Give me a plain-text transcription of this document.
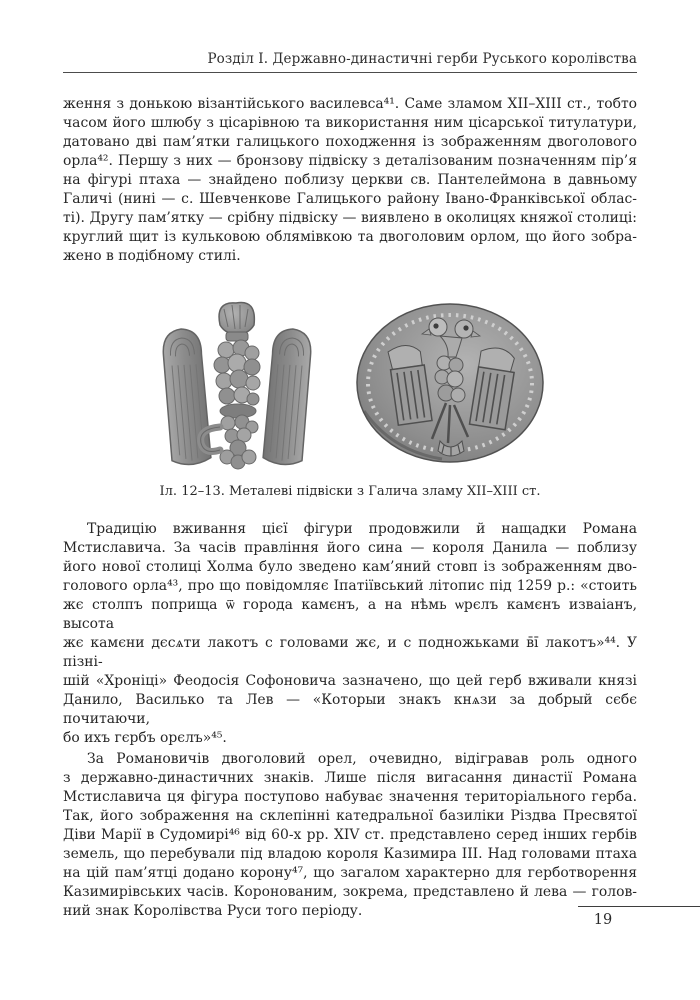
Розділ І. Державно-династичні герби Руського королівства
ження з донькою візантійського василевса⁴¹. Саме зламом XII–XIII ст., тобто
часом його шлюбу з цісарівною та використання ним цісарської титулатури,
датовано дві пам’ятки галицького походження із зображенням двоголового
орла⁴². Першу з них — бронзову підвіску з деталізованим позначенням пір’я
на фігурі птаха — знайдено поблизу церкви св. Пантелеймона в давньому
Галичі (нині — с. Шевченкове Галицького району Івано-Франківської облас-
ті). Другу пам’ятку — срібну підвіску — виявлено в околицях княжої столиці:
круглий щит із кульковою облямівкою та двоголовим орлом, що його зобра-
жено в подібному стилі.
Іл. 12–13. Металеві підвіски з Галича зламу XII–XIII ст.
Традицію вживання цієї фігури продовжили й нащадки Романа
Мстиславича. За часів правління його сина — короля Данила — поблизу
його нової столиці Холма було зведено кам’яний стовп із зображенням дво-
голового орла⁴³, про що повідомляє Іпатіївський літопис під 1259 р.: «стоить
жє столпъ поприща ѿ города камєнъ, а на нѣмь ѡрєлъ камєнъ изваіанъ, высота
жє камєни дєсѧти лакотъ с головами жє, и с подножьками в̄і̄ лакотъ»⁴⁴. У пізні-
шій «Хроніці» Феодосія Софоновича зазначено, що цей герб вживали князі
Данило, Василько та Лев — «Которыи знакъ кнѧзи за добрый сєбє почитаючи,
бо ихъ гєрбъ орєлъ»⁴⁵.
За Романовичів двоголовий орел, очевидно, відігравав роль одного
з державно-династичних знаків. Лише після вигасання династії Романа
Мстиславича ця фігура поступово набуває значення територіального герба.
Так, його зображення на склепінні катедральної базиліки Різдва Пресвятої
Діви Марії в Судомирі⁴⁶ від 60-х рр. XIV ст. представлено серед інших гербів
земель, що перебували під владою короля Казимира III. Над головами птаха
на цій пам’ятці додано корону⁴⁷, що загалом характерно для герботворення
Казимирівських часів. Коронованим, зокрема, представлено й лева — голов-
ний знак Королівства Руси того періоду.
19
